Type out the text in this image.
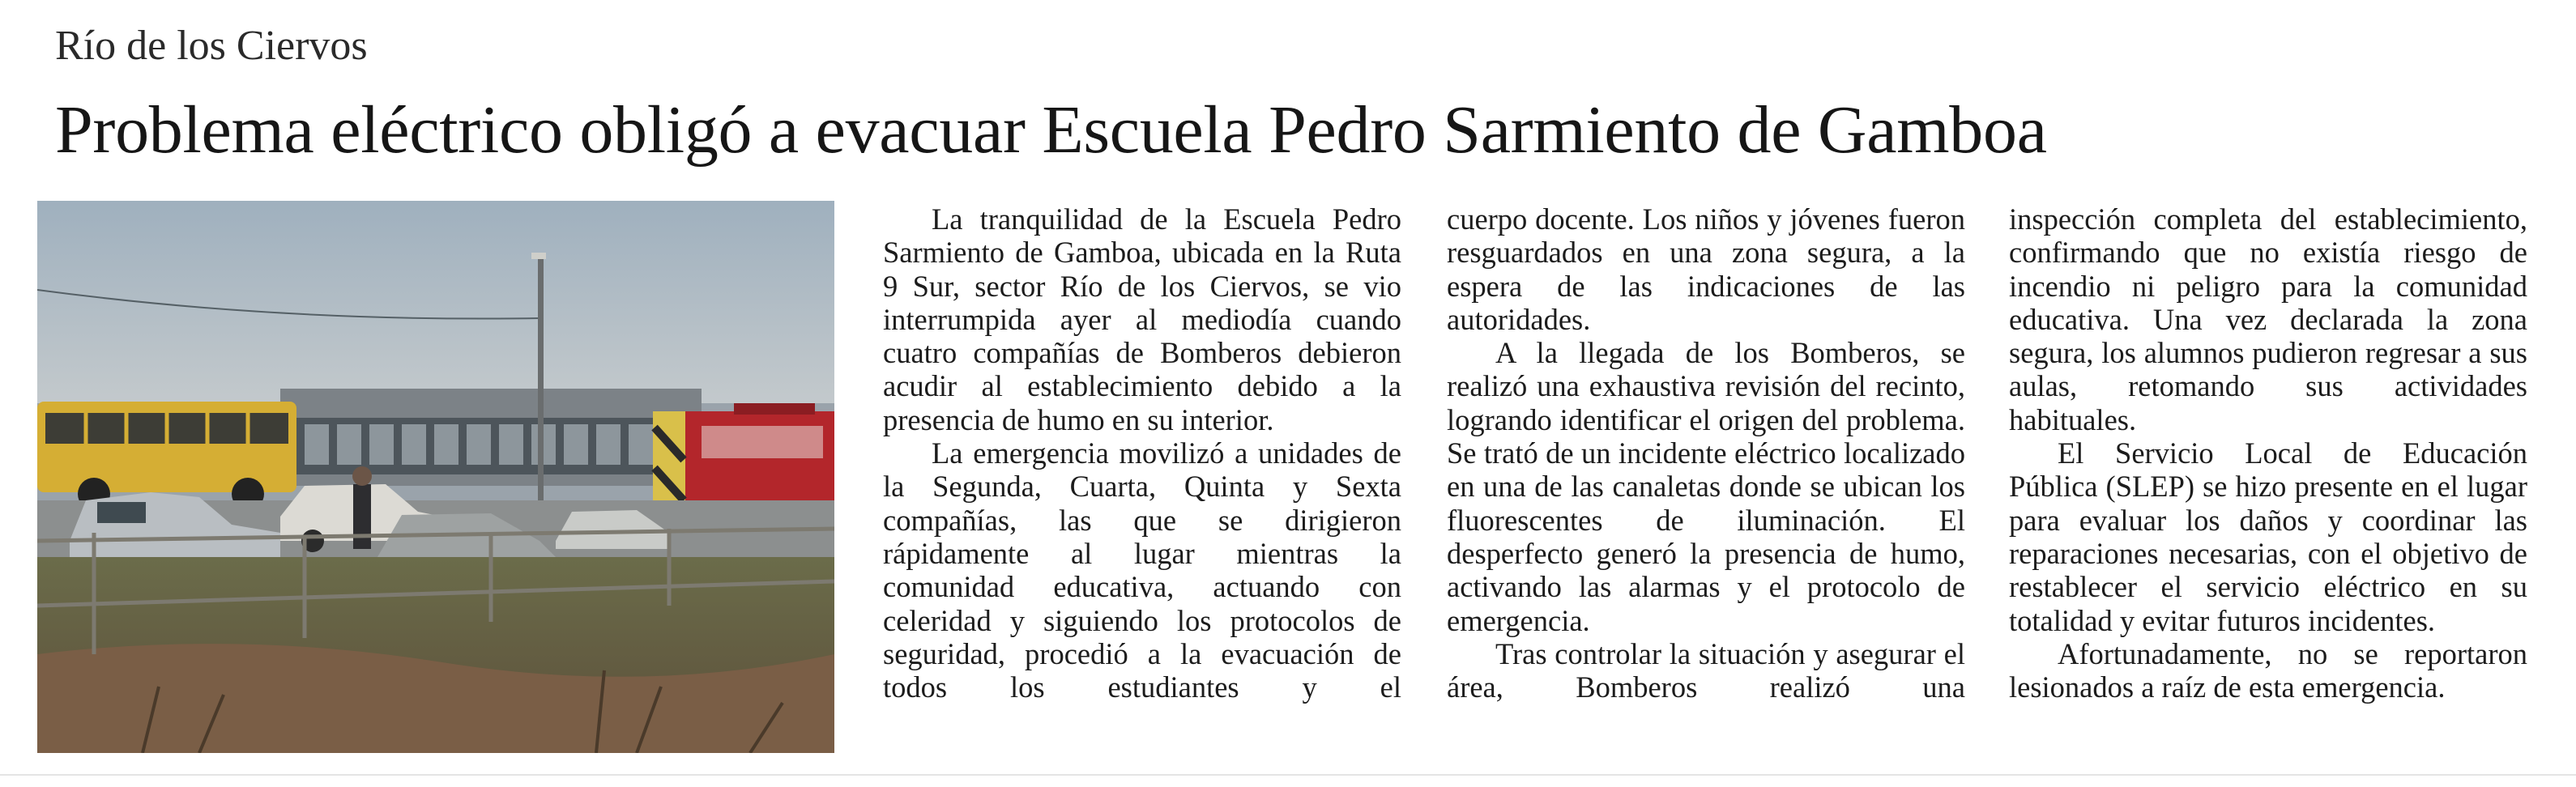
Río de los Ciervos
Problema eléctrico obligó a evacuar Escuela Pedro Sarmiento de Gamboa

La tranquilidad de la Escuela Pedro Sarmiento de Gamboa, ubicada en la Ruta 9 Sur, sector Río de los Ciervos, se vio interrumpida ayer al mediodía cuando cuatro compañías de Bomberos debieron acudir al establecimiento debido a la presencia de humo en su interior.

La emergencia movilizó a unidades de la Segunda, Cuarta, Quinta y Sexta compañías, las que se dirigieron rápidamente al lugar mientras la comunidad educativa, actuando con celeridad y siguiendo los protocolos de seguridad, procedió a la evacuación de todos los estudiantes y el

cuerpo docente. Los niños y jóvenes fueron resguardados en una zona segura, a la espera de las indicaciones de las autoridades.

A la llegada de los Bomberos, se realizó una exhaustiva revisión del recinto, logrando identificar el origen del problema. Se trató de un incidente eléctrico localizado en una de las canaletas donde se ubican los fluorescentes de iluminación. El desperfecto generó la presencia de humo, activando las alarmas y el protocolo de emergencia.

Tras controlar la situación y asegurar el área, Bomberos realizó una

inspección completa del establecimiento, confirmando que no existía riesgo de incendio ni peligro para la comunidad educativa. Una vez declarada la zona segura, los alumnos pudieron regresar a sus aulas, retomando sus actividades habituales.

El Servicio Local de Educación Pública (SLEP) se hizo presente en el lugar para evaluar los daños y coordinar las reparaciones necesarias, con el objetivo de restablecer el servicio eléctrico en su totalidad y evitar futuros incidentes.

Afortunadamente, no se reportaron lesionados a raíz de esta emergencia.
